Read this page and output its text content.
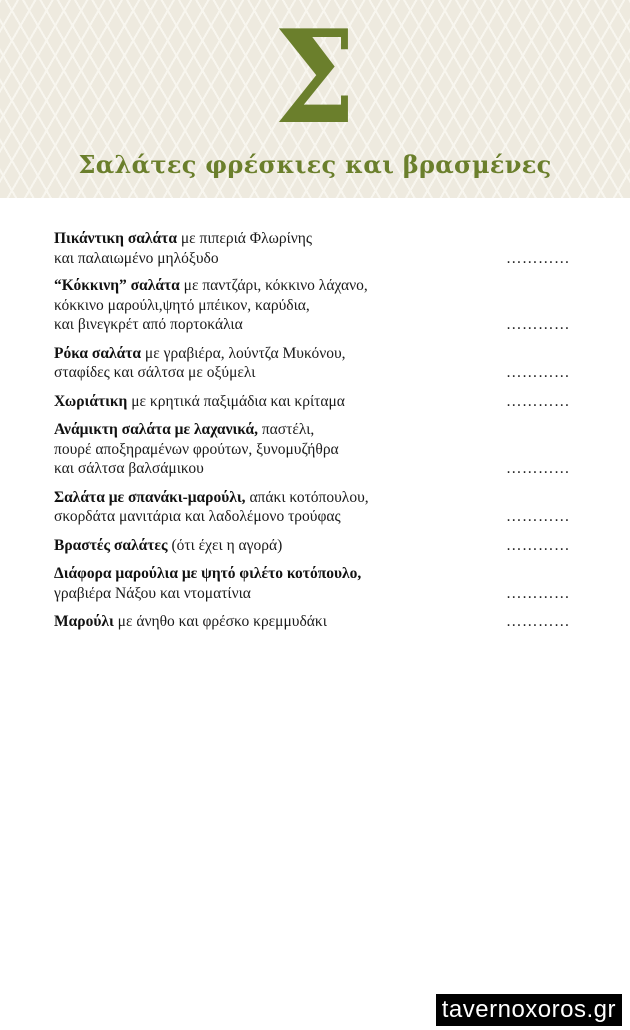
Σ
Σαλάτες φρέσκιες και βρασμένες
Πικάντικη σαλάτα με πιπεριά Φλωρίνης
και παλαιωμένο μηλόξυδο	…………
“Κόκκινη” σαλάτα με παντζάρι, κόκκινο λάχανο,
κόκκινο μαρούλι,ψητό μπέικον, καρύδια,
και βινεγκρέτ από πορτοκάλια	…………
Ρόκα σαλάτα με γραβιέρα, λούντζα Μυκόνου,
σταφίδες και σάλτσα με οξύμελι	…………
Χωριάτικη με κρητικά παξιμάδια και κρίταμα	…………
Ανάμικτη σαλάτα με λαχανικά, παστέλι,
πουρέ αποξηραμένων φρούτων, ξυνομυζήθρα
και σάλτσα βαλσάμικου	…………
Σαλάτα με σπανάκι-μαρούλι, απάκι κοτόπουλου,
σκορδάτα μανιτάρια και λαδολέμονο τρούφας	…………
Βραστές σαλάτες (ότι έχει η αγορά)	…………
Διάφορα μαρούλια με ψητό φιλέτο κοτόπουλο,
γραβιέρα Νάξου και ντοματίνια	…………
Μαρούλι με άνηθο και φρέσκο κρεμμυδάκι	…………
tavernoxoros.gr
